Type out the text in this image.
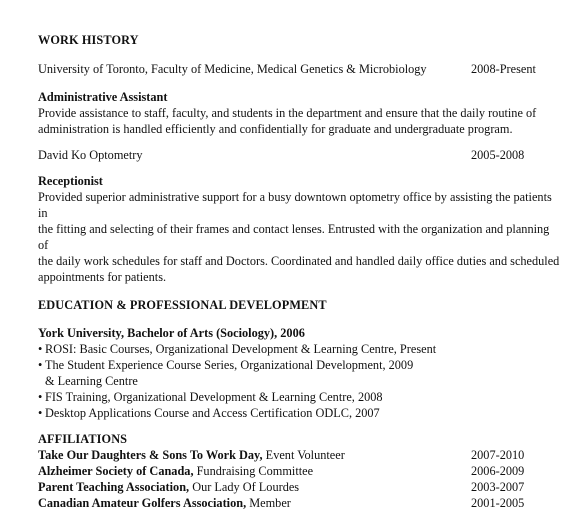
WORK HISTORY
University of Toronto, Faculty of Medicine, Medical Genetics & Microbiology	2008-Present
Administrative Assistant
Provide assistance to staff, faculty, and students in the department and ensure that the daily routine of
administration is handled efficiently and confidentially for graduate and undergraduate program.
David Ko Optometry	2005-2008
Receptionist
Provided superior administrative support for a busy downtown optometry office by assisting the patients in
the fitting and selecting of their frames and contact lenses. Entrusted with the organization and planning of
the daily work schedules for staff and Doctors. Coordinated and handled daily office duties and scheduled
appointments for patients.
EDUCATION & PROFESSIONAL DEVELOPMENT
York University, Bachelor of Arts (Sociology), 2006
• ROSI: Basic Courses, Organizational Development & Learning Centre, Present
• The Student Experience Course Series, Organizational Development, 2009
& Learning Centre
• FIS Training, Organizational Development & Learning Centre, 2008
• Desktop Applications Course and Access Certification ODLC, 2007
AFFILIATIONS
Take Our Daughters & Sons To Work Day, Event Volunteer	2007-2010
Alzheimer Society of Canada, Fundraising Committee	2006-2009
Parent Teaching Association, Our Lady Of Lourdes	2003-2007
Canadian Amateur Golfers Association, Member	2001-2005
